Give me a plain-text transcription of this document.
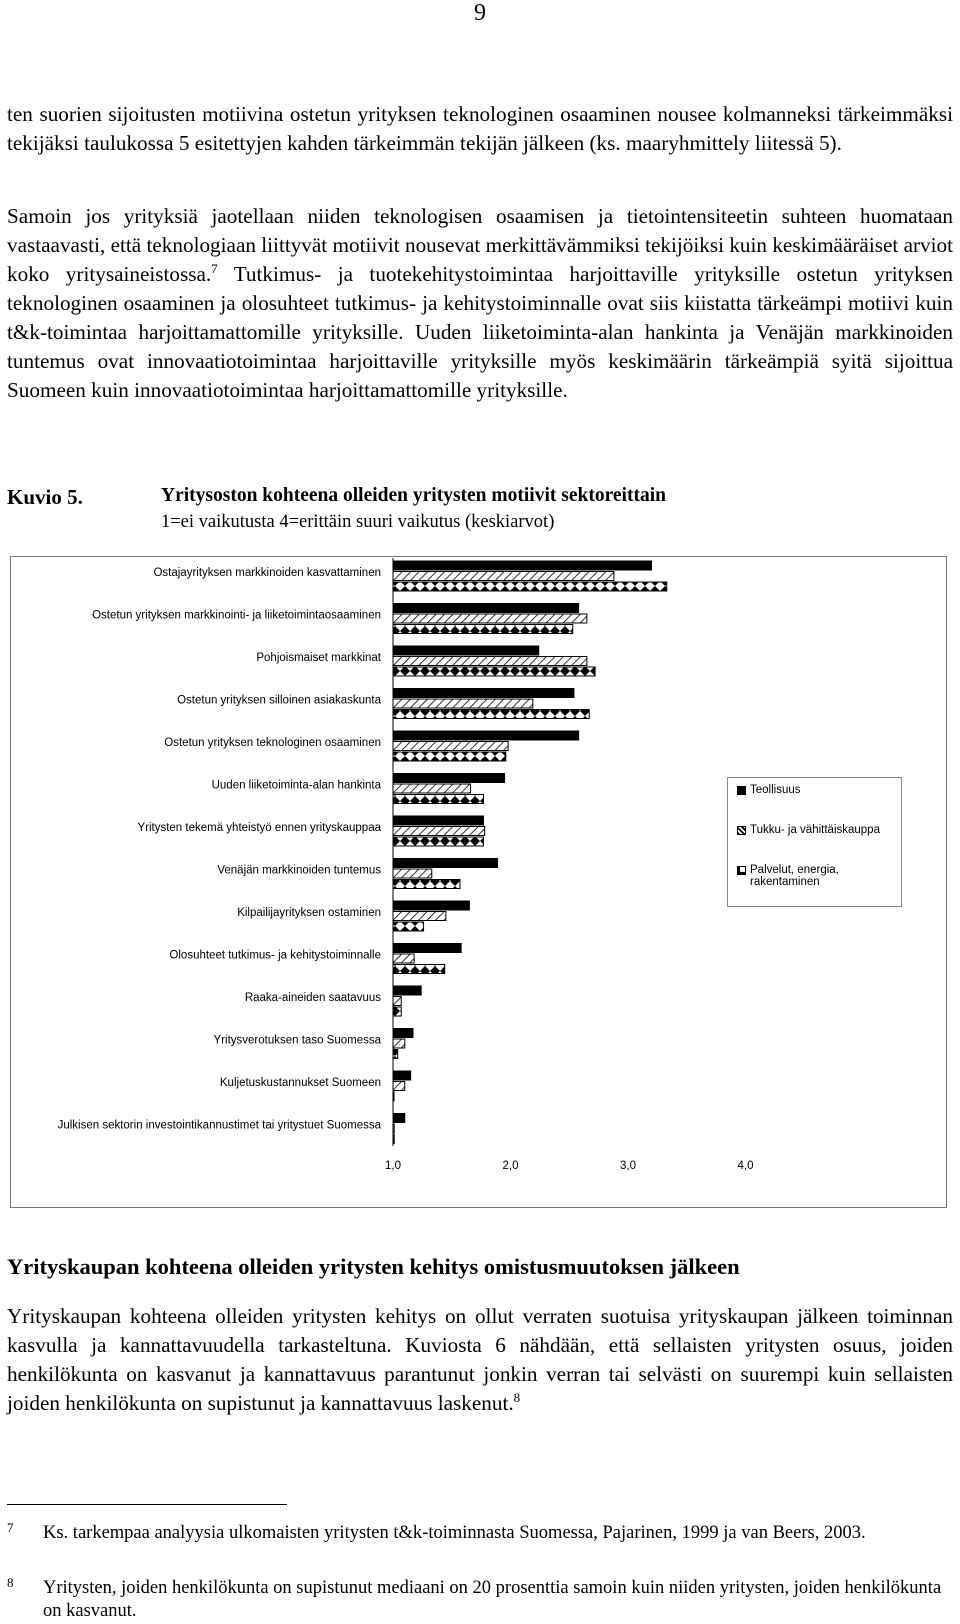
9
ten suorien sijoitusten motiivina ostetun yrityksen teknologinen osaaminen nousee kolmanneksi tärkeimmäksi tekijäksi taulukossa 5 esitettyjen kahden tärkeimmän tekijän jälkeen (ks. maaryhmittely liitessä 5).
Samoin jos yrityksiä jaotellaan niiden teknologisen osaamisen ja tietointensiteetin suhteen huomataan vastaavasti, että teknologiaan liittyvät motiivit nousevat merkittävämmiksi tekijöiksi kuin keskimääräiset arviot koko yritysaineistossa.$^7$ Tutkimus- ja tuotekehitystoimintaa harjoittaville yrityksille ostetun yrityksen teknologinen osaaminen ja olosuhteet tutkimus- ja kehitystoiminnalle ovat siis kiistatta tärkeämpi motiivi kuin t&k-toimintaa harjoittamattomille yrityksille. Uuden liiketoiminta-alan hankinta ja Venäjän markkinoiden tuntemus ovat innovaatiotoimintaa harjoittaville yrityksille myös keskimäärin tärkeämpiä syitä sijoittua Suomeen kuin innovaatiotoimintaa harjoittamattomille yrityksille.
Kuvio 5.	Yritysoston kohteena olleiden yritysten motiivit sektoreittain
1=ei vaikutusta 4=erittäin suuri vaikutus (keskiarvot)
Ostajayrityksen markkinoiden kasvattaminen
Ostetun yrityksen markkinointi- ja liiketoimintaosaaminen
Pohjoismaiset markkinat
Ostetun yrityksen silloinen asiakaskunta
Ostetun yrityksen teknologinen osaaminen
Uuden liiketoiminta-alan hankinta
Yritysten tekemä yhteistyö ennen yrityskauppaa
Venäjän markkinoiden tuntemus
Kilpailijayrityksen ostaminen
Olosuhteet tutkimus- ja kehitystoiminnalle
Raaka-aineiden saatavuus
Yritysverotuksen taso Suomessa
Kuljetuskustannukset Suomeen
Julkisen sektorin investointikannustimet tai yritystuet Suomessa
1,0	2,0	3,0	4,0
Teollisuus
Tukku- ja vähittäiskauppa
Palvelut, energia, rakentaminen
Yrityskaupan kohteena olleiden yritysten kehitys omistusmuutoksen jälkeen
Yrityskaupan kohteena olleiden yritysten kehitys on ollut verraten suotuisa yrityskaupan jälkeen toiminnan kasvulla ja kannattavuudella tarkasteltuna. Kuviosta 6 nähdään, että sellaisten yritysten osuus, joiden henkilökunta on kasvanut ja kannattavuus parantunut jonkin verran tai selvästi on suurempi kuin sellaisten joiden henkilökunta on supistunut ja kannattavuus laskenut.$^8$
7 Ks. tarkempaa analyysia ulkomaisten yritysten t&k-toiminnasta Suomessa, Pajarinen, 1999 ja van Beers, 2003.
8 Yritysten, joiden henkilökunta on supistunut mediaani on 20 prosenttia samoin kuin niiden yritysten, joiden henkilökunta on kasvanut.
